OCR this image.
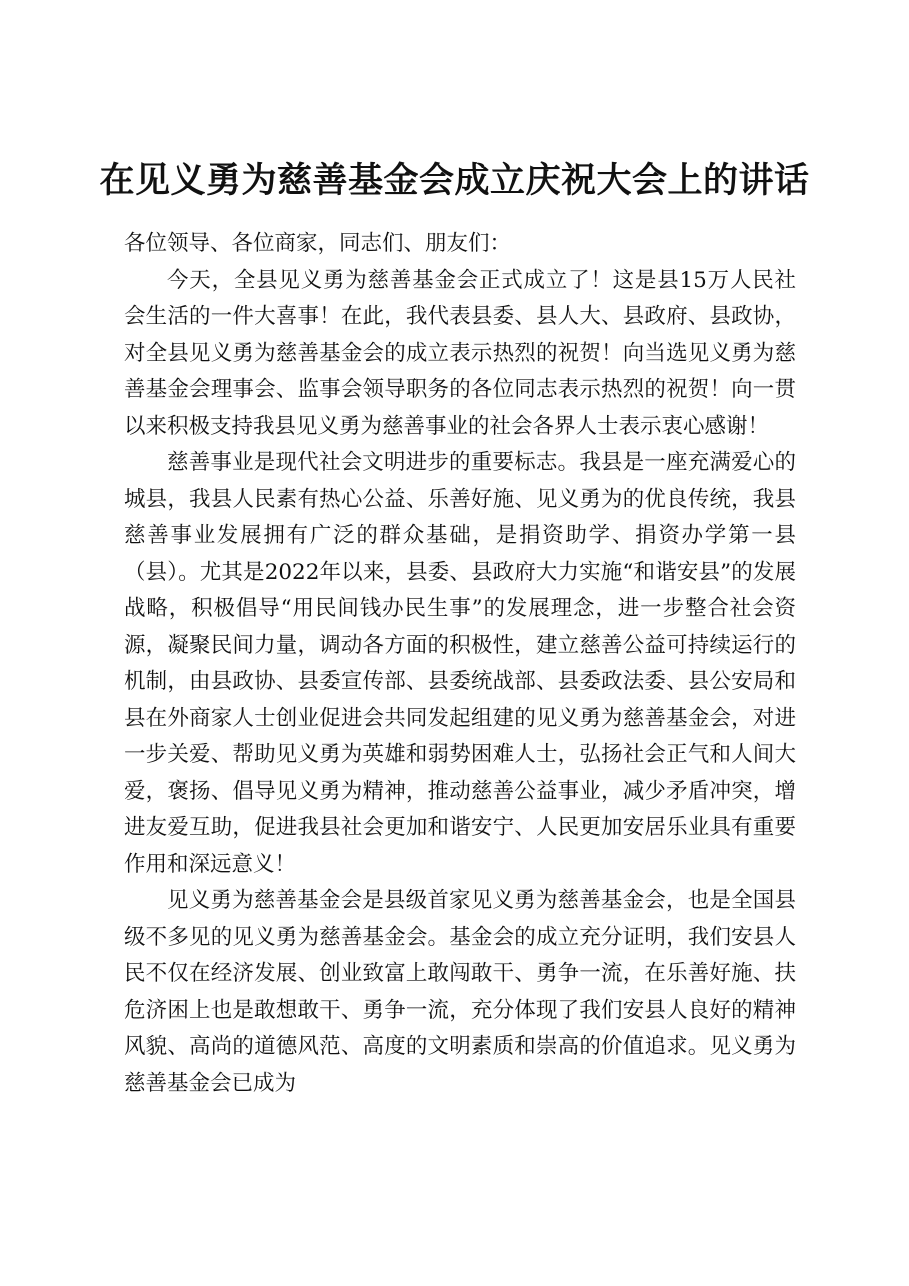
在见义勇为慈善基金会成立庆祝大会上的讲话

各位领导、各位商家，同志们、朋友们：

今天，全县见义勇为慈善基金会正式成立了！这是县15万人民社会生活的一件大喜事！在此，我代表县委、县人大、县政府、县政协，对全县见义勇为慈善基金会的成立表示热烈的祝贺！向当选见义勇为慈善基金会理事会、监事会领导职务的各位同志表示热烈的祝贺！向一贯以来积极支持我县见义勇为慈善事业的社会各界人士表示衷心感谢！

慈善事业是现代社会文明进步的重要标志。我县是一座充满爱心的城县，我县人民素有热心公益、乐善好施、见义勇为的优良传统，我县慈善事业发展拥有广泛的群众基础，是捐资助学、捐资办学第一县（县）。尤其是2022年以来，县委、县政府大力实施“和谐安县”的发展战略，积极倡导“用民间钱办民生事”的发展理念，进一步整合社会资源，凝聚民间力量，调动各方面的积极性，建立慈善公益可持续运行的机制，由县政协、县委宣传部、县委统战部、县委政法委、县公安局和县在外商家人士创业促进会共同发起组建的见义勇为慈善基金会，对进一步关爱、帮助见义勇为英雄和弱势困难人士，弘扬社会正气和人间大爱，褒扬、倡导见义勇为精神，推动慈善公益事业，减少矛盾冲突，增进友爱互助，促进我县社会更加和谐安宁、人民更加安居乐业具有重要作用和深远意义！

见义勇为慈善基金会是县级首家见义勇为慈善基金会，也是全国县级不多见的见义勇为慈善基金会。基金会的成立充分证明，我们安县人民不仅在经济发展、创业致富上敢闯敢干、勇争一流，在乐善好施、扶危济困上也是敢想敢干、勇争一流，充分体现了我们安县人良好的精神风貌、高尚的道德风范、高度的文明素质和崇高的价值追求。见义勇为慈善基金会已成为
